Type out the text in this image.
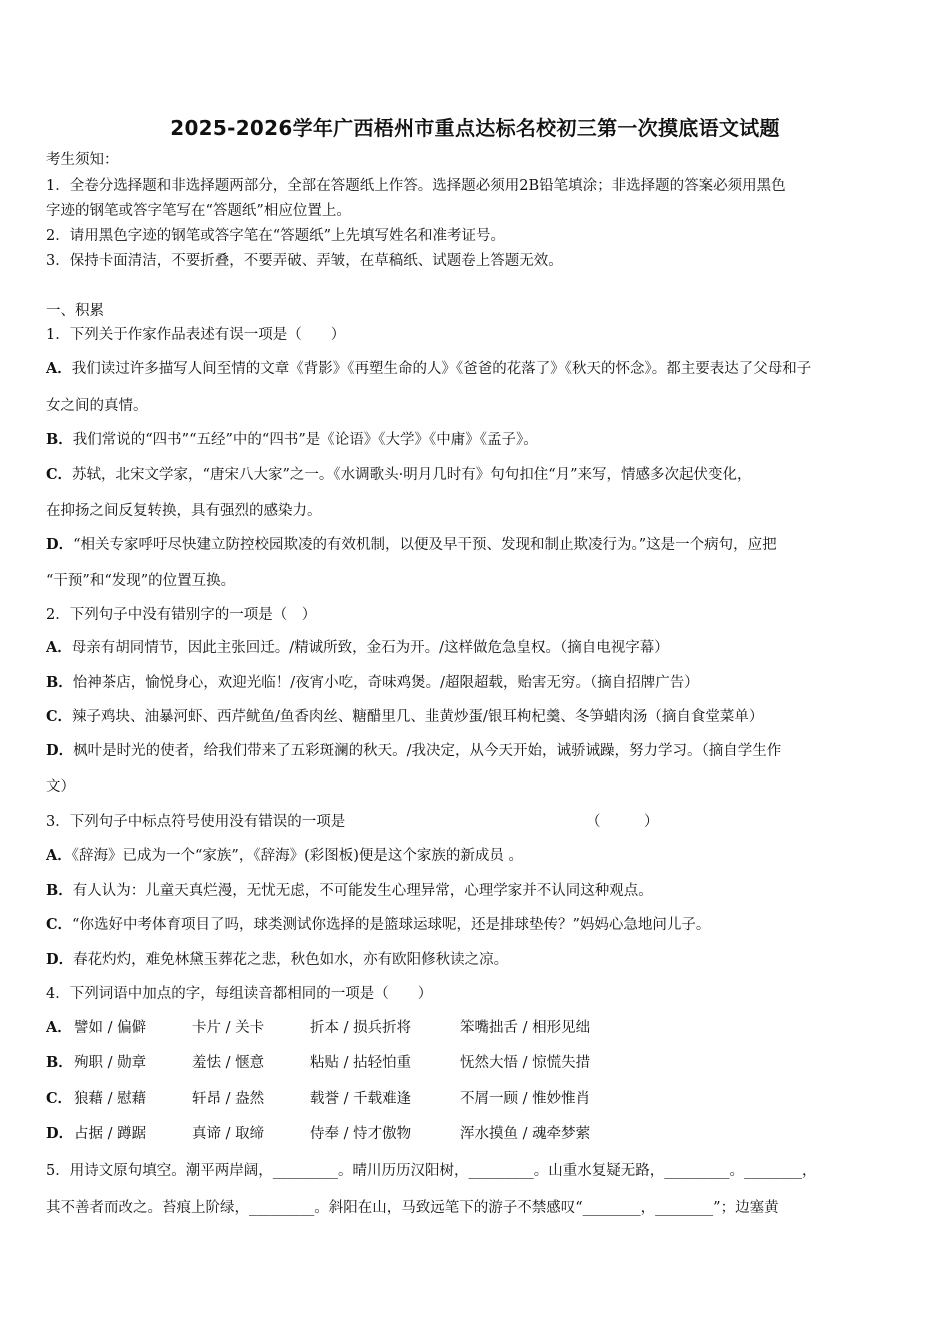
2025-2026学年广西梧州市重点达标名校初三第一次摸底语文试题
考生须知：
1．全卷分选择题和非选择题两部分，全部在答题纸上作答。选择题必须用2B铅笔填涂；非选择题的答案必须用黑色
字迹的钢笔或答字笔写在“答题纸”相应位置上。
2．请用黑色字迹的钢笔或答字笔在“答题纸”上先填写姓名和准考证号。
3．保持卡面清洁，不要折叠，不要弄破、弄皱，在草稿纸、试题卷上答题无效。
一、积累
1．下列关于作家作品表述有误一项是（　　）
A．我们读过许多描写人间至情的文章《背影》《再塑生命的人》《爸爸的花落了》《秋天的怀念》。都主要表达了父母和子
女之间的真情。
B．我们常说的“四书”“五经”中的“四书”是《论语》《大学》《中庸》《孟子》。
C．苏轼，北宋文学家，“唐宋八大家”之一。《水调歌头·明月几时有》句句扣住“月”来写，情感多次起伏变化，
在抑扬之间反复转换，具有强烈的感染力。
D．“相关专家呼吁尽快建立防控校园欺凌的有效机制，以便及早干预、发现和制止欺凌行为。”这是一个病句，应把
“干预”和“发现”的位置互换。
2．下列句子中没有错别字的一项是（　）
A．母亲有胡同情节，因此主张回迁。/精诚所致，金石为开。/这样做危急皇权。（摘自电视字幕）
B．怡神茶店，愉悦身心，欢迎光临！/夜宵小吃，奇味鸡煲。/超限超载，贻害无穷。（摘自招牌广告）
C．辣子鸡块、油暴河虾、西芹鱿鱼/鱼香肉丝、糖醋里几、韭黄炒蛋/银耳枸杞羹、冬笋蜡肉汤（摘自食堂菜单）
D．枫叶是时光的使者，给我们带来了五彩斑澜的秋天。/我决定，从今天开始，诫骄诫躁，努力学习。（摘自学生作
文）
3．下列句子中标点符号使用没有错误的一项是	（　　　）
A．《辞海》已成为一个“家族”，《辞海》(彩图板)便是这个家族的新成员 。
B．有人认为：儿童天真烂漫，无忧无虑，不可能发生心理异常，心理学家并不认同这种观点。
C．“你选好中考体育项目了吗，球类测试你选择的是篮球运球呢，还是排球垫传？”妈妈心急地问儿子。
D．春花灼灼，难免林黛玉葬花之悲，秋色如水，亦有欧阳修秋读之凉。
4．下列词语中加点的字，每组读音都相同的一项是（　　）
A． 譬如 / 偏僻	卡片 / 关卡	折本 / 损兵折将	笨嘴拙舌 / 相形见绌
B． 殉职 / 勋章	羞怯 / 惬意	粘贴 / 拈轻怕重	怃然大悟 / 惊慌失措
C． 狼藉 / 慰藉	轩昂 / 盎然	载誉 / 千载难逢	不屑一顾 / 惟妙惟肖
D． 占据 / 蹲踞	真谛 / 取缔	侍奉 / 恃才傲物	浑水摸鱼 / 魂牵梦萦
5．用诗文原句填空。潮平两岸阔，_________。晴川历历汉阳树，_________。山重水复疑无路，_________。________，
其不善者而改之。苔痕上阶绿，_________。斜阳在山，马致远笔下的游子不禁感叹“________，________”；边塞黄
